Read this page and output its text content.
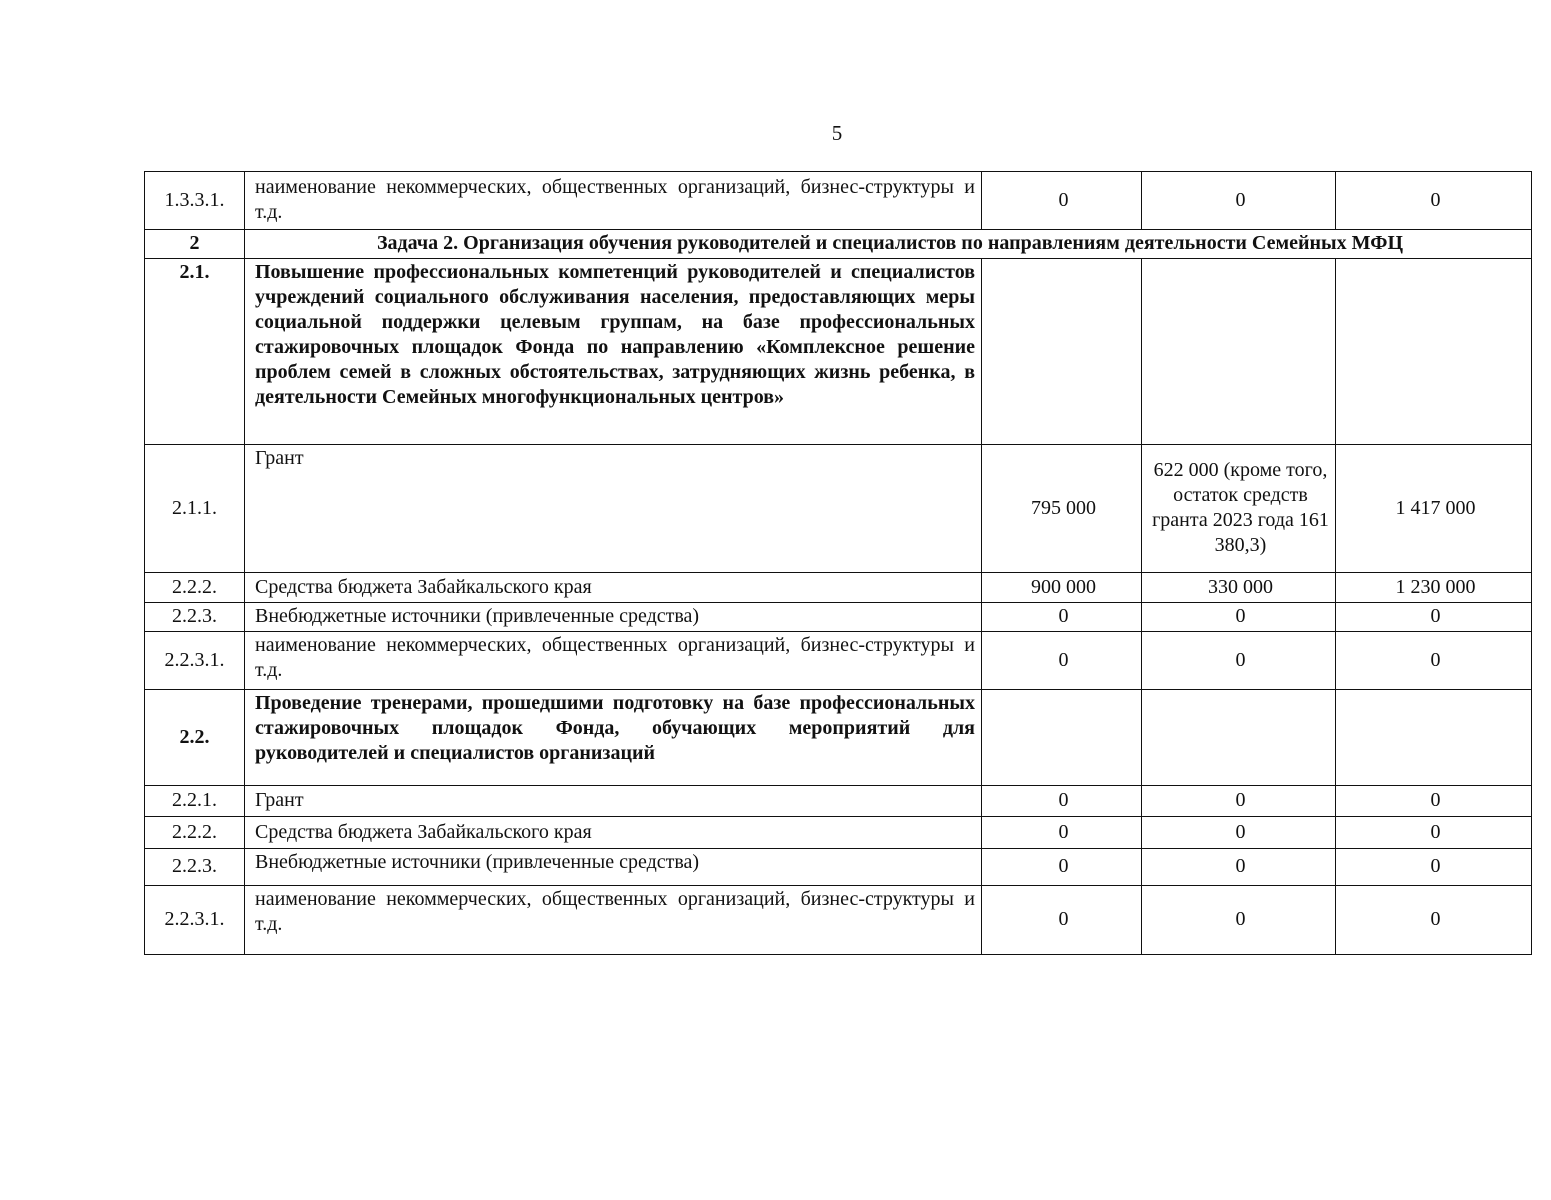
5
1.3.3.1.	наименование некоммерческих, общественных организаций, бизнес-структуры и т.д.	0	0	0
2	Задача 2. Организация обучения руководителей и специалистов по направлениям деятельности Семейных МФЦ			
2.1.	Повышение профессиональных компетенций руководителей и специалистов учреждений социального обслуживания населения, предоставляющих меры социальной поддержки целевым группам, на базе профессиональных стажировочных площадок Фонда по направлению «Комплексное решение проблем семей в сложных обстоятельствах, затрудняющих жизнь ребенка, в деятельности Семейных многофункциональных центров»			
2.1.1.	Грант	795 000	622 000 (кроме того, остаток средств гранта 2023 года 161 380,3)	1 417 000
2.2.2.	Средства бюджета Забайкальского края	900 000	330 000	1 230 000
2.2.3.	Внебюджетные источники (привлеченные средства)	0	0	0
2.2.3.1.	наименование некоммерческих, общественных организаций, бизнес-структуры и т.д.	0	0	0
2.2.	Проведение тренерами, прошедшими подготовку на базе профессиональных стажировочных площадок Фонда, обучающих мероприятий для руководителей и специалистов организаций			
2.2.1.	Грант	0	0	0
2.2.2.	Средства бюджета Забайкальского края	0	0	0
2.2.3.	Внебюджетные источники (привлеченные средства)	0	0	0
2.2.3.1.	наименование некоммерческих, общественных организаций, бизнес-структуры и т.д.	0	0	0
